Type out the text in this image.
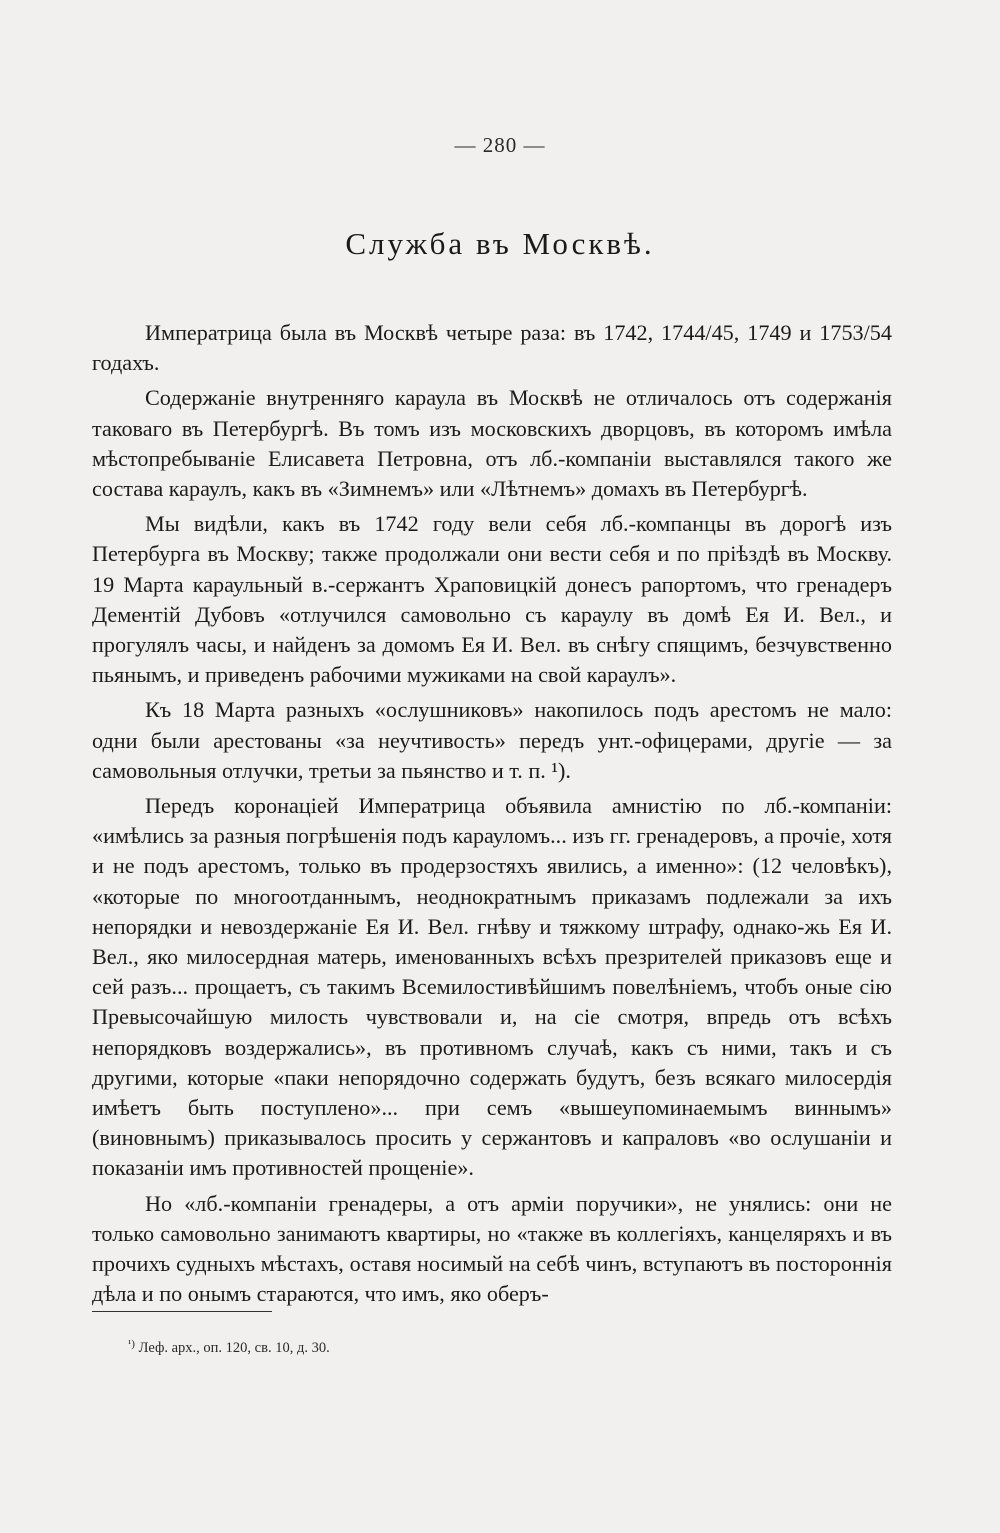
— 280 —
Служба въ Москвѣ.

Императрица была въ Москвѣ четыре раза: въ 1742, 1744/45, 1749 и 1753/54 годахъ.

Содержанiе внутренняго караула въ Москвѣ не отличалось отъ содержанiя таковаго въ Петербургѣ. Въ томъ изъ московскихъ дворцовъ, въ которомъ имѣла мѣстопребыванiе Елисавета Петровна, отъ лб.-компанiи выставлялся такого же состава караулъ, какъ въ «Зимнемъ» или «Лѣтнемъ» домахъ въ Петербургѣ.

Мы видѣли, какъ въ 1742 году вели себя лб.-компанцы въ дорогѣ изъ Петербурга въ Москву; также продолжали они вести себя и по прiѣздѣ въ Москву. 19 Марта караульный в.-сержантъ Храповицкiй донесъ рапортомъ, что гренадеръ Дементiй Дубовъ «отлучился самовольно съ караулу въ домѣ Ея И. Вел., и прогулялъ часы, и найденъ за домомъ Ея И. Вел. въ снѣгу спящимъ, безчувственно пьянымъ, и приведенъ рабочими мужиками на свой караулъ».

Къ 18 Марта разныхъ «ослушниковъ» накопилось подъ арестомъ не мало: одни были арестованы «за неучтивость» передъ унт.-офицерами, другiе — за самовольныя отлучки, третьи за пьянство и т. п. ¹).

Передъ коронацiей Императрица объявила амнистiю по лб.-компанiи: «имѣлись за разныя погрѣшенiя подъ карауломъ... изъ гг. гренадеровъ, а прочiе, хотя и не подъ арестомъ, только въ продерзостяхъ явились, а именно»: (12 человѣкъ), «которые по многоотданнымъ, неоднократнымъ приказамъ подлежали за ихъ непорядки и невоздержанiе Ея И. Вел. гнѣву и тяжкому штрафу, однако-жь Ея И. Вел., яко милосердная матерь, именованныхъ всѣхъ презрителей приказовъ еще и сей разъ... прощаетъ, съ такимъ Всемилостивѣйшимъ повелѣнiемъ, чтобъ оные сiю Превысочайшую милость чувствовали и, на сiе смотря, впредь отъ всѣхъ непорядковъ воздержались», въ противномъ случаѣ, какъ съ ними, такъ и съ другими, которые «паки непорядочно содержать будутъ, безъ всякаго милосердiя имѣетъ быть поступлено»... при семъ «вышеупоминаемымъ виннымъ» (виновнымъ) приказывалось просить у сержантовъ и капраловъ «во ослушанiи и показанiи имъ противностей прощенiе».

Но «лб.-компанiи гренадеры, а отъ армiи поручики», не унялись: они не только самовольно занимаютъ квартиры, но «также въ коллегiяхъ, канцеляряхъ и въ прочихъ судныхъ мѣстахъ, оставя носимый на себѣ чинъ, вступаютъ въ постороннiя дѣла и по онымъ стараются, что имъ, яко оберъ-

$^{^1)}$ Леф. арх., оп. 120, св. 10, д. 30.
